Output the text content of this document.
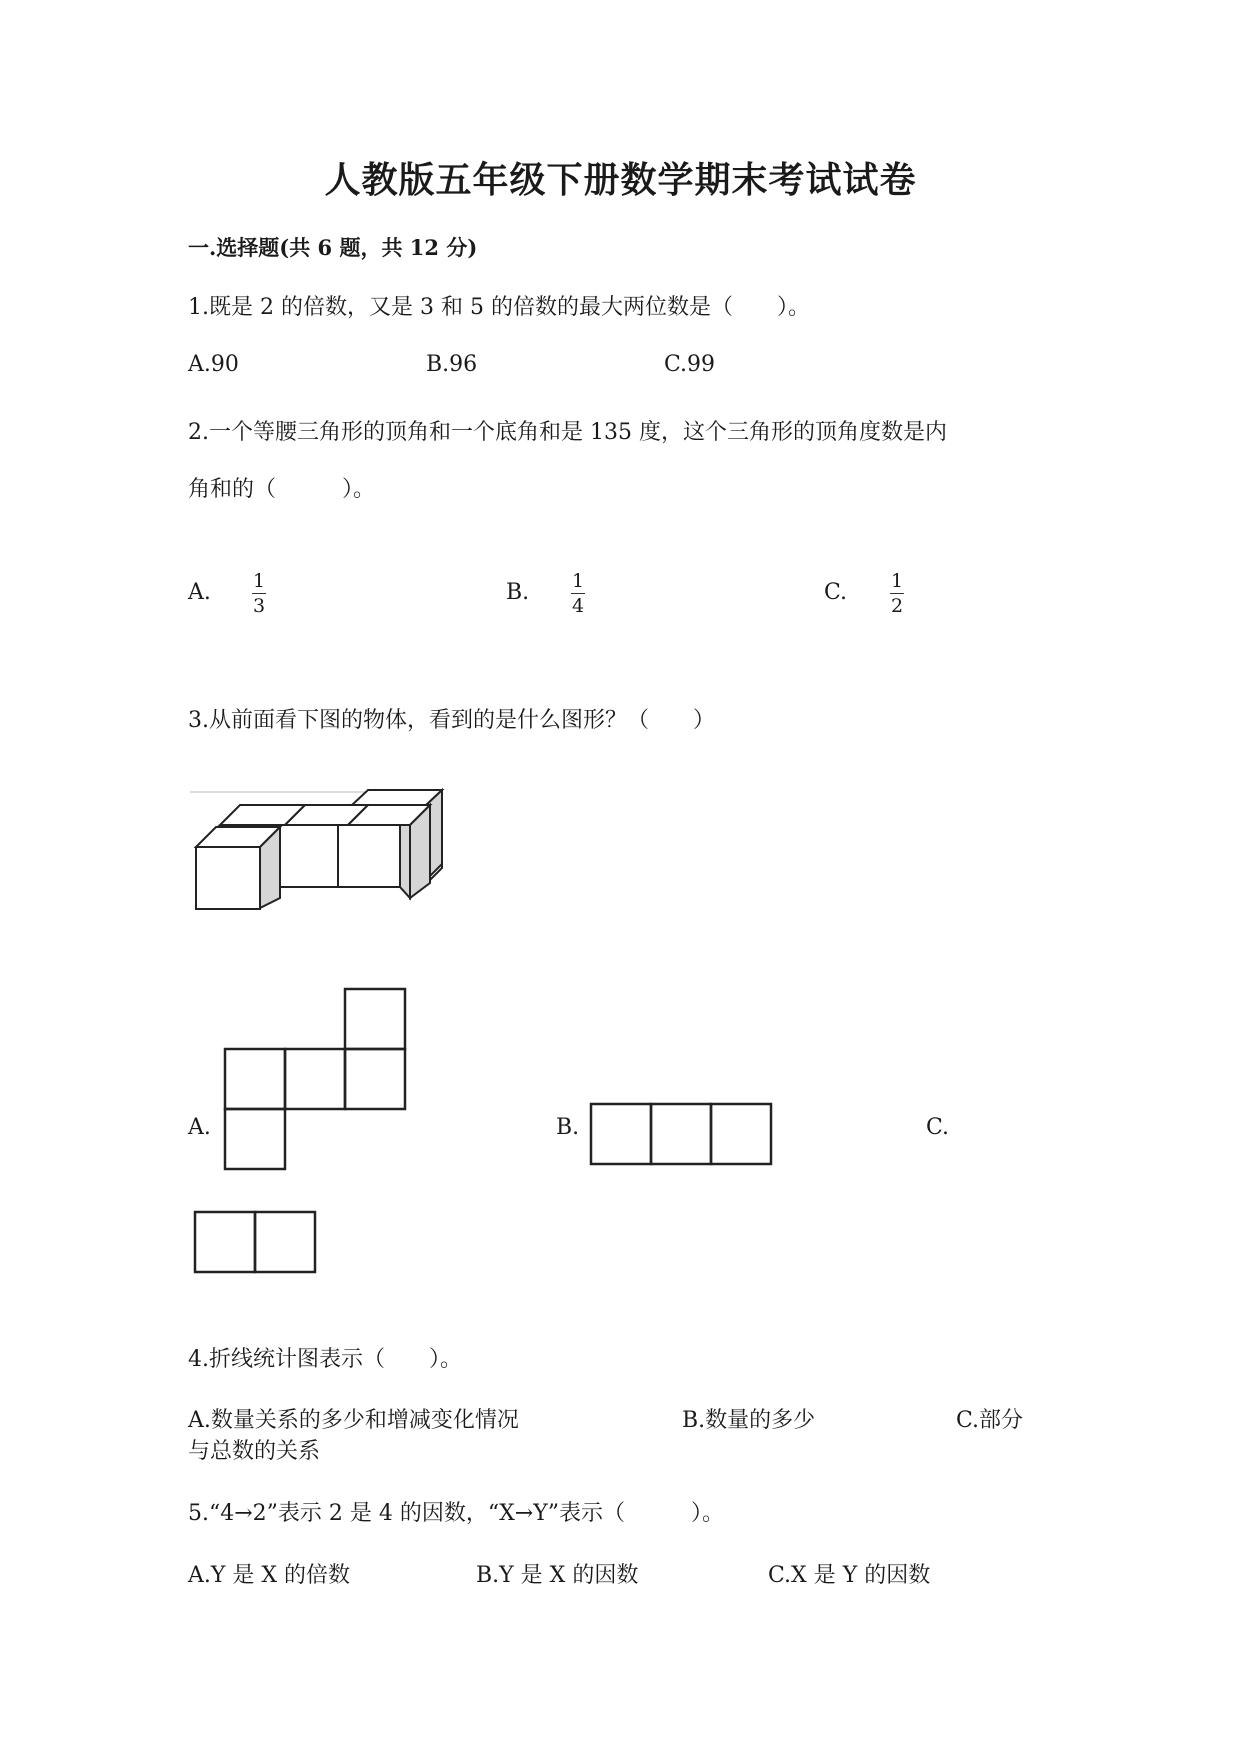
人教版五年级下册数学期末考试试卷
一.选择题(共 6 题，共 12 分)
1.既是 2 的倍数，又是 3 和 5 的倍数的最大两位数是（　　）。
A.90	B.96	C.99
2.一个等腰三角形的顶角和一个底角和是 135 度，这个三角形的顶角度数是内
角和的（　　　）。
A. 1
3
B. 1
4
C. 1
2
3.从前面看下图的物体，看到的是什么图形？（　　）
A.	B.	C.
4.折线统计图表示（　　）。
A.数量关系的多少和增减变化情况	B.数量的多少	C.部分
与总数的关系
5.“4→2”表示 2 是 4 的因数，“X→Y”表示（　　　）。
A.Y 是 X 的倍数	B.Y 是 X 的因数	C.X 是 Y 的因数
